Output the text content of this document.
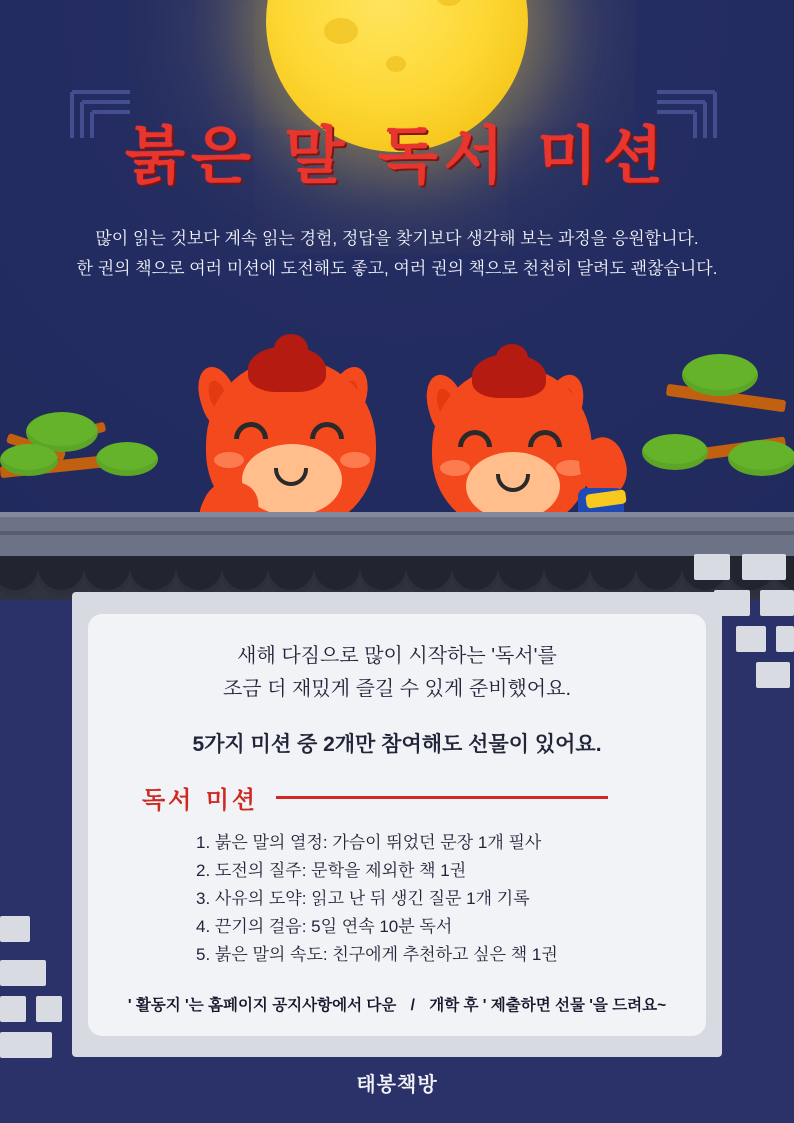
붉은 말 독서 미션
많이 읽는 것보다 계속 읽는 경험, 정답을 찾기보다 생각해 보는 과정을 응원합니다.
한 권의 책으로 여러 미션에 도전해도 좋고, 여러 권의 책으로 천천히 달려도 괜찮습니다.
새해 다짐으로 많이 시작하는 '독서'를
조금 더 재밌게 즐길 수 있게 준비했어요.
5가지 미션 중 2개만 참여해도 선물이 있어요.
독서 미션
1. 붉은 말의 열정: 가슴이 뛰었던 문장 1개 필사
2. 도전의 질주: 문학을 제외한 책 1권
3. 사유의 도약: 읽고 난 뒤 생긴 질문 1개 기록
4. 끈기의 걸음: 5일 연속 10분 독서
5. 붉은 말의 속도: 친구에게 추천하고 싶은 책 1권
' 활동지 '는 홈페이지 공지사항에서 다운 / 개학 후 ' 제출하면 선물 '을 드려요~
태봉책방
